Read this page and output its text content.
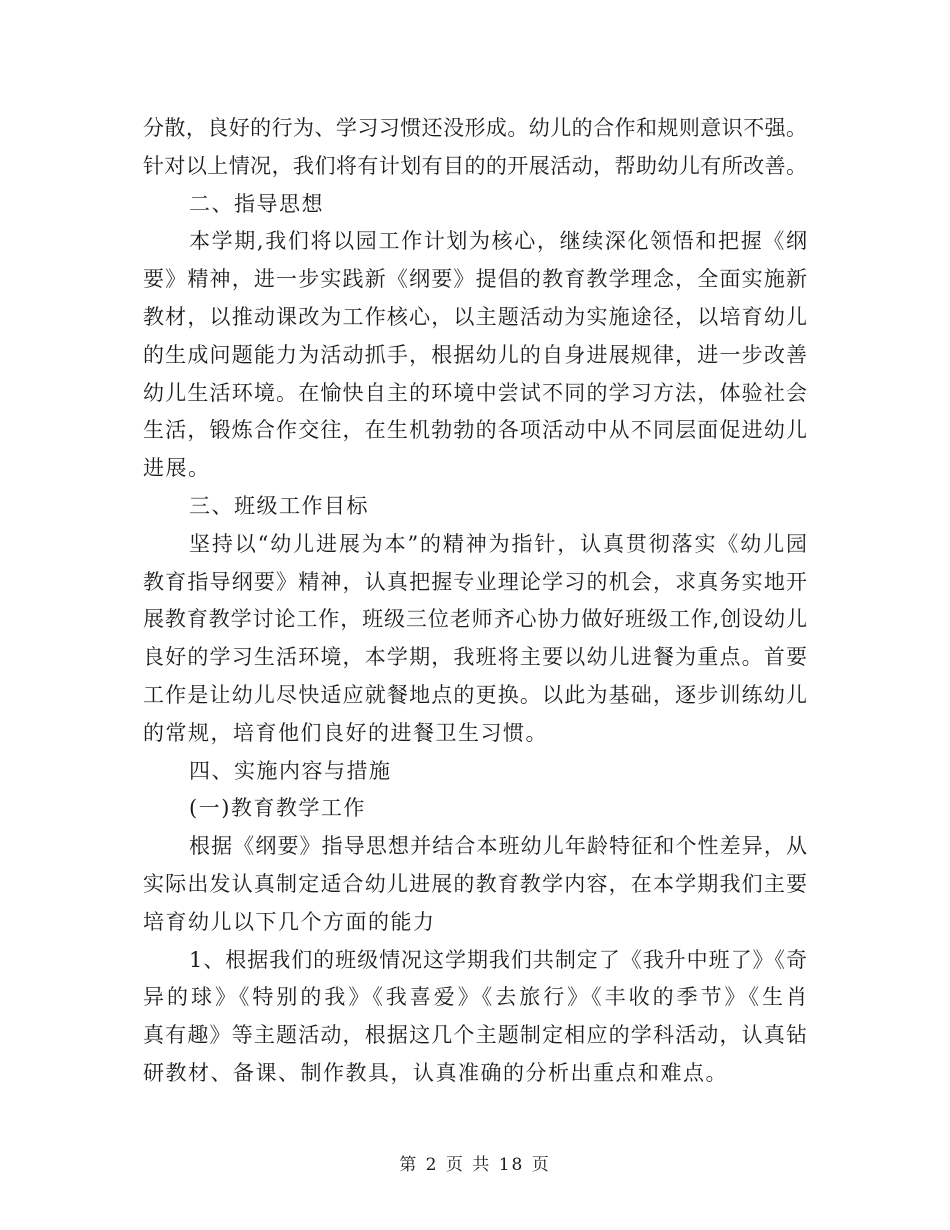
分散，良好的行为、学习习惯还没形成。幼儿的合作和规则意识不强。
针对以上情况，我们将有计划有目的的开展活动，帮助幼儿有所改善。
二、指导思想
本学期,我们将以园工作计划为核心，继续深化领悟和把握《纲
要》精神，进一步实践新《纲要》提倡的教育教学理念，全面实施新
教材，以推动课改为工作核心，以主题活动为实施途径，以培育幼儿
的生成问题能力为活动抓手，根据幼儿的自身进展规律，进一步改善
幼儿生活环境。在愉快自主的环境中尝试不同的学习方法，体验社会
生活，锻炼合作交往，在生机勃勃的各项活动中从不同层面促进幼儿
进展。
三、班级工作目标
坚持以“幼儿进展为本”的精神为指针，认真贯彻落实《幼儿园
教育指导纲要》精神，认真把握专业理论学习的机会，求真务实地开
展教育教学讨论工作，班级三位老师齐心协力做好班级工作,创设幼儿
良好的学习生活环境，本学期，我班将主要以幼儿进餐为重点。首要
工作是让幼儿尽快适应就餐地点的更换。以此为基础，逐步训练幼儿
的常规，培育他们良好的进餐卫生习惯。
四、实施内容与措施
(一)教育教学工作
根据《纲要》指导思想并结合本班幼儿年龄特征和个性差异，从
实际出发认真制定适合幼儿进展的教育教学内容，在本学期我们主要
培育幼儿以下几个方面的能力
1、根据我们的班级情况这学期我们共制定了《我升中班了》《奇
异的球》《特别的我》《我喜爱》《去旅行》《丰收的季节》《生肖
真有趣》等主题活动，根据这几个主题制定相应的学科活动，认真钻
研教材、备课、制作教具，认真准确的分析出重点和难点。
第 2 页 共 18 页
